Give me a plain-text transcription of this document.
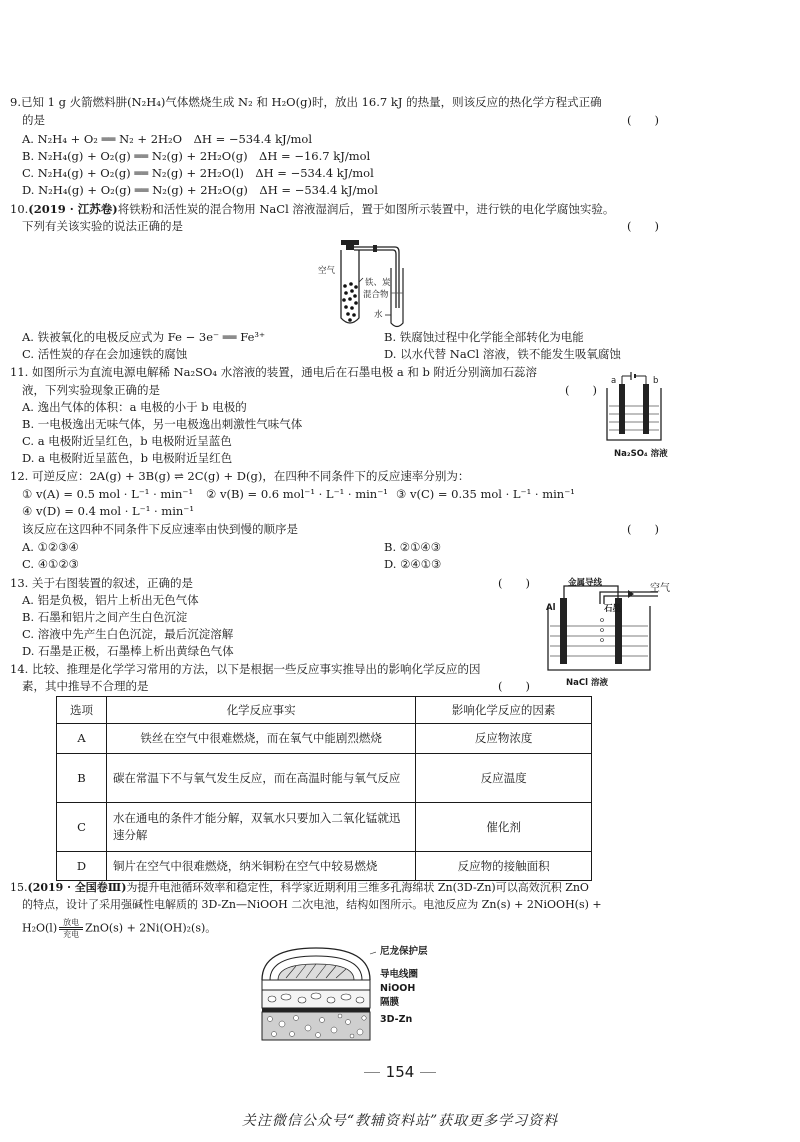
9.已知 1 g 火箭燃料肼(N₂H₄)气体燃烧生成 N₂ 和 H₂O(g)时，放出 16.7 kJ 的热量，则该反应的热化学方程式正确
的是	(　　)
A. N₂H₄ + O₂ ══ N₂ + 2H₂O　ΔH = −534.4 kJ/mol
B. N₂H₄(g) + O₂(g) ══ N₂(g) + 2H₂O(g)　ΔH = −16.7 kJ/mol
C. N₂H₄(g) + O₂(g) ══ N₂(g) + 2H₂O(l)　ΔH = −534.4 kJ/mol
D. N₂H₄(g) + O₂(g) ══ N₂(g) + 2H₂O(g)　ΔH = −534.4 kJ/mol
10.(2019 · 江苏卷)将铁粉和活性炭的混合物用 NaCl 溶液湿润后，置于如图所示装置中，进行铁的电化学腐蚀实验。
下列有关该实验的说法正确的是	(　　)
空气
铁、炭
混合物
水
A. 铁被氧化的电极反应式为 Fe − 3e⁻ ══ Fe³⁺	B. 铁腐蚀过程中化学能全部转化为电能
C. 活性炭的存在会加速铁的腐蚀	D. 以水代替 NaCl 溶液，铁不能发生吸氧腐蚀
11. 如图所示为直流电源电解稀 Na₂SO₄ 水溶液的装置，通电后在石墨电极 a 和 b 附近分别滴加石蕊溶
液，下列实验现象正确的是	(　　)
A. 逸出气体的体积：a 电极的小于 b 电极的
B. 一电极逸出无味气体，另一电极逸出刺激性气味气体
C. a 电极附近呈红色，b 电极附近呈蓝色
D. a 电极附近呈蓝色，b 电极附近呈红色
a	b
Na₂SO₄ 溶液
12. 可逆反应：2A(g) + 3B(g) ⇌ 2C(g) + D(g)，在四种不同条件下的反应速率分别为：
① v(A) = 0.5 mol · L⁻¹ · min⁻¹ ② v(B) = 0.6 mol⁻¹ · L⁻¹ · min⁻¹ ③ v(C) = 0.35 mol · L⁻¹ · min⁻¹
④ v(D) = 0.4 mol · L⁻¹ · min⁻¹
该反应在这四种不同条件下反应速率由快到慢的顺序是	(　　)
A. ①②③④	B. ②①④③
C. ④①②③	D. ②④①③
13. 关于右图装置的叙述，正确的是	(　　)
A. 铝是负极，铝片上析出无色气体
B. 石墨和铝片之间产生白色沉淀
C. 溶液中先产生白色沉淀，最后沉淀溶解
D. 石墨是正极，石墨棒上析出黄绿色气体
金属导线	空气
Al	石墨
NaCl 溶液
14. 比较、推理是化学学习常用的方法，以下是根据一些反应事实推导出的影响化学反应的因
素，其中推导不合理的是	(　　)
选项	化学反应事实	影响化学反应的因素
A	铁丝在空气中很难燃烧，而在氧气中能剧烈燃烧	反应物浓度
B	碳在常温下不与氧气发生反应，而在高温时能与氧气反应	反应温度
C	水在通电的条件才能分解，双氧水只要加入二氧化锰就迅速分解	催化剂
D	铜片在空气中很难燃烧，纳米铜粉在空气中较易燃烧	反应物的接触面积
15.(2019 · 全国卷Ⅲ)为提升电池循环效率和稳定性，科学家近期利用三维多孔海绵状 Zn(3D-Zn)可以高效沉积 ZnO
的特点，设计了采用强碱性电解质的 3D-Zn—NiOOH 二次电池，结构如图所示。电池反应为 Zn(s) + 2NiOOH(s) +
H₂O(l) 放电
充电 ZnO(s) + 2Ni(OH)₂(s)。
尼龙保护层
导电线圈
NiOOH
隔膜
3D-Zn
154
关注微信公众号“教辅资料站”获取更多学习资料
